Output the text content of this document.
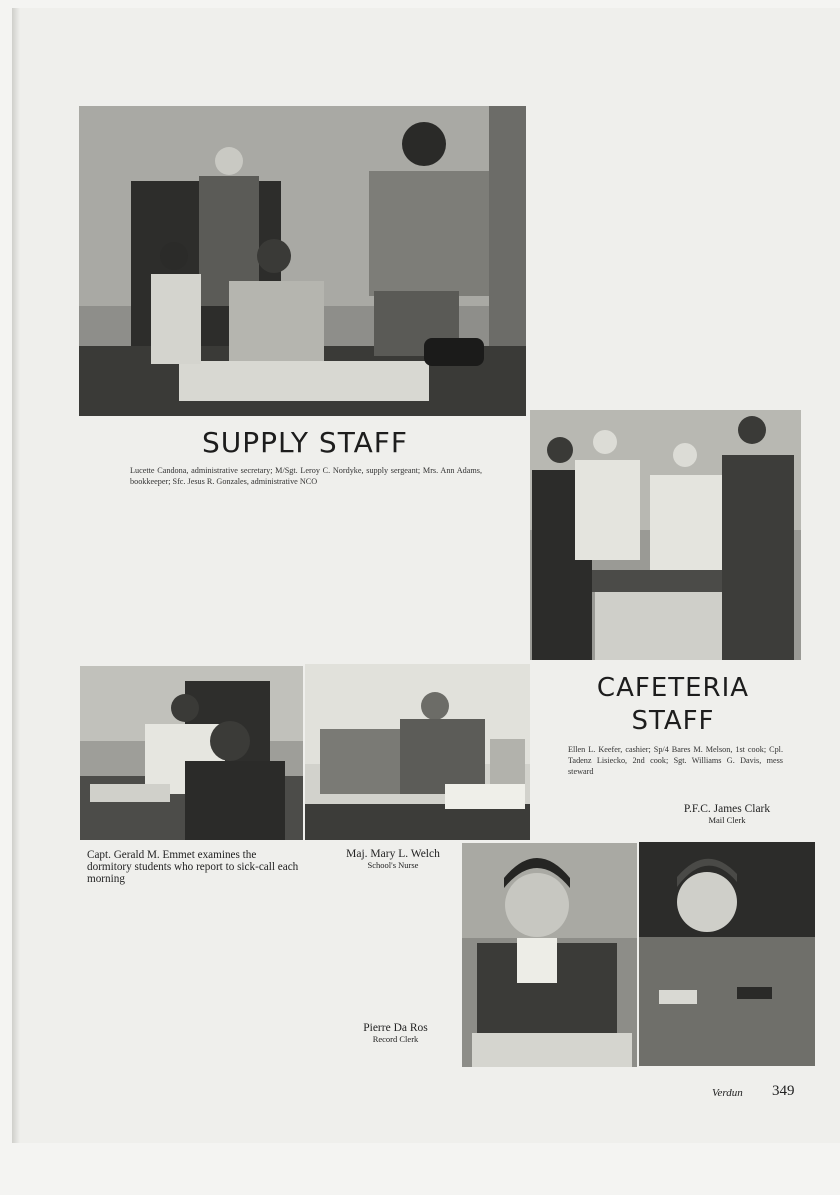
SUPPLY STAFF
Lucette Candona, administrative secretary; M/Sgt. Leroy C. Nordyke, supply sergeant; Mrs. Ann Adams, bookkeeper; Sfc. Jesus R. Gonzales, administrative NCO
CAFETERIA
STAFF
Ellen L. Keefer, cashier; Sp/4 Bares M. Melson, 1st cook; Cpl. Tadenz Lisiecko, 2nd cook; Sgt. Williams G. Davis, mess steward
Capt. Gerald M. Emmet examines the dormitory students who report to sick-call each morning
Maj. Mary L. Welch
School's Nurse
P.F.C. James Clark
Mail Clerk
Pierre Da Ros
Record Clerk
Verdun 349
